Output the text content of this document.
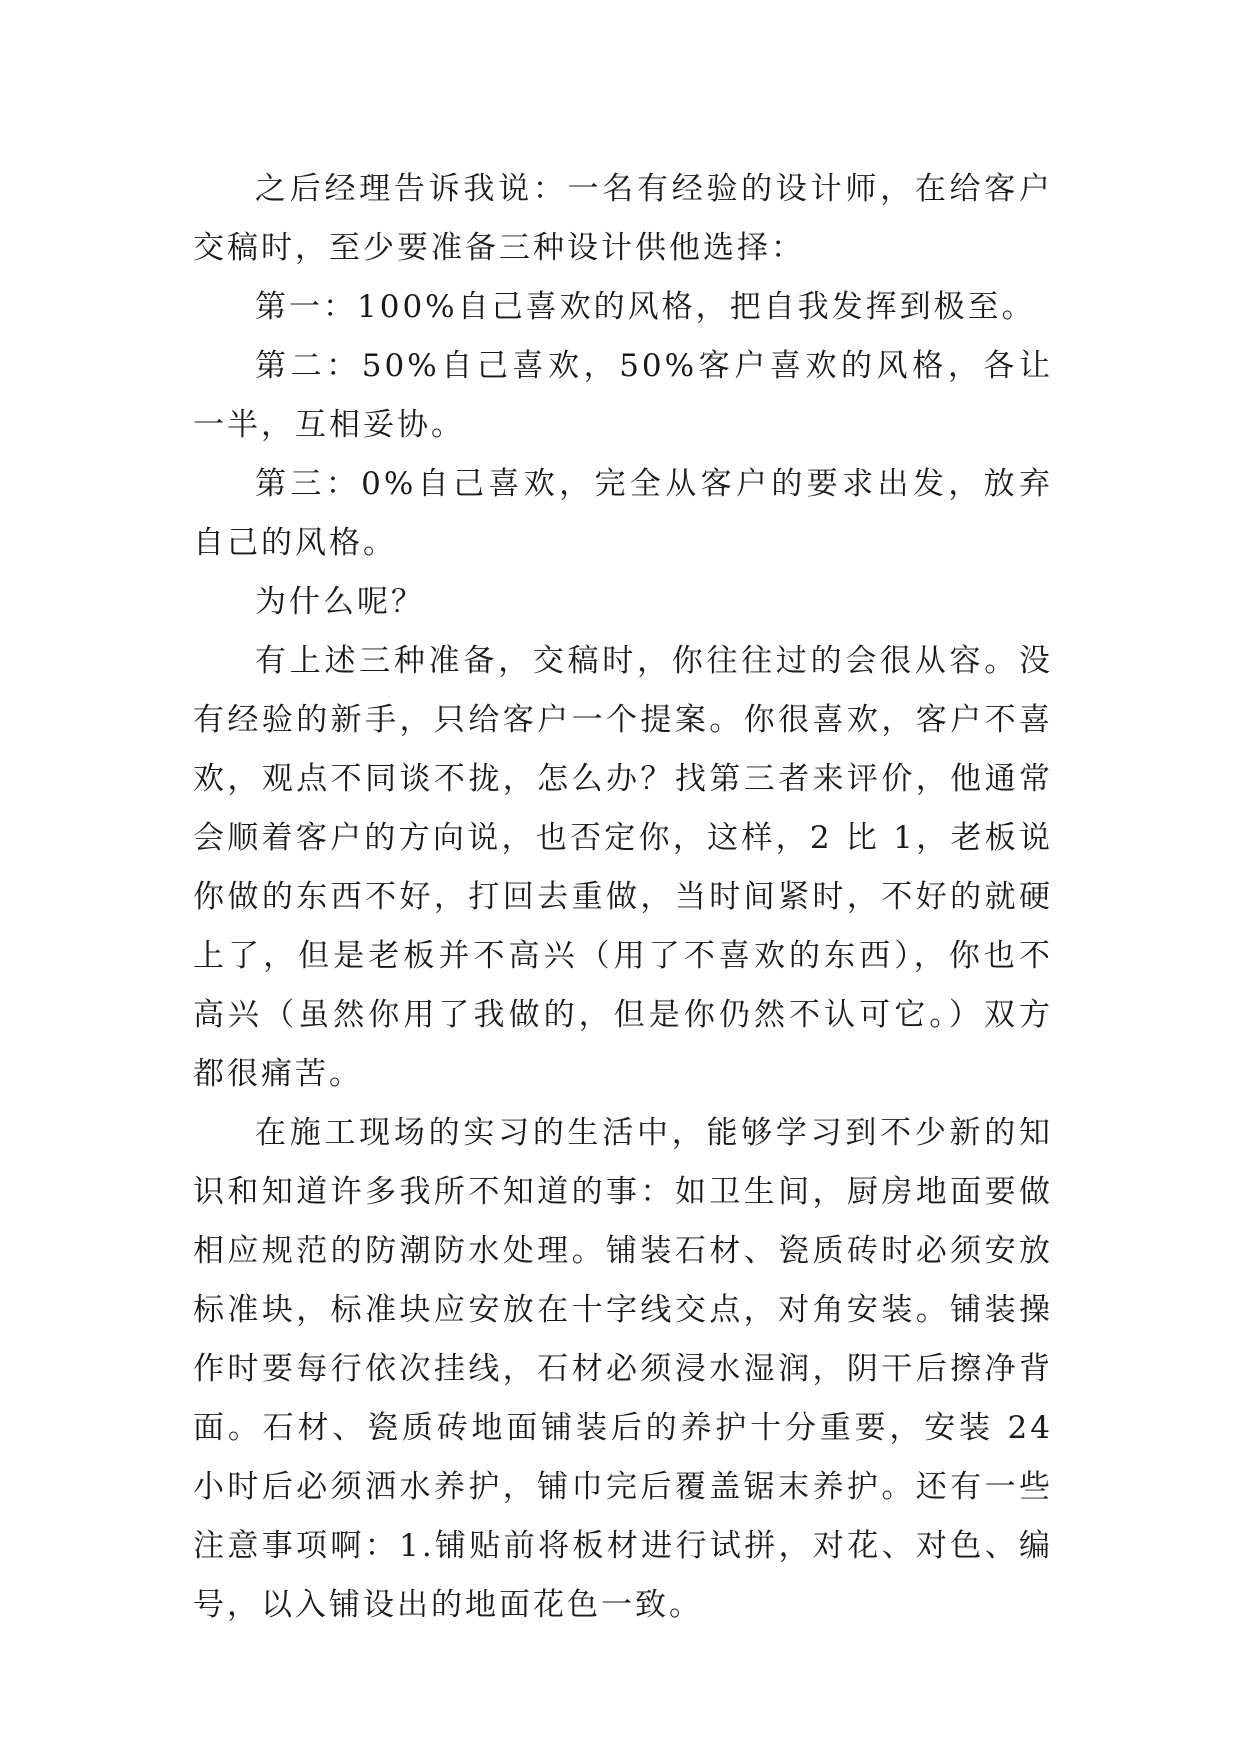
之后经理告诉我说：一名有经验的设计师，在给客户交稿时，至少要准备三种设计供他选择：

第一：100%自己喜欢的风格，把自我发挥到极至。

第二：50%自己喜欢，50%客户喜欢的风格，各让一半，互相妥协。

第三：0%自己喜欢，完全从客户的要求出发，放弃自己的风格。

为什么呢？

有上述三种准备，交稿时，你往往过的会很从容。没有经验的新手，只给客户一个提案。你很喜欢，客户不喜欢，观点不同谈不拢，怎么办？找第三者来评价，他通常会顺着客户的方向说，也否定你，这样，2 比 1，老板说你做的东西不好，打回去重做，当时间紧时，不好的就硬上了，但是老板并不高兴（用了不喜欢的东西），你也不高兴（虽然你用了我做的，但是你仍然不认可它。）双方都很痛苦。

在施工现场的实习的生活中，能够学习到不少新的知识和知道许多我所不知道的事：如卫生间，厨房地面要做相应规范的防潮防水处理。铺装石材、瓷质砖时必须安放标准块，标准块应安放在十字线交点，对角安装。铺装操作时要每行依次挂线，石材必须浸水湿润，阴干后擦净背面。石材、瓷质砖地面铺装后的养护十分重要，安装 24 小时后必须洒水养护，铺巾完后覆盖锯末养护。还有一些注意事项啊：1.铺贴前将板材进行试拼，对花、对色、编号，以入铺设出的地面花色一致。
